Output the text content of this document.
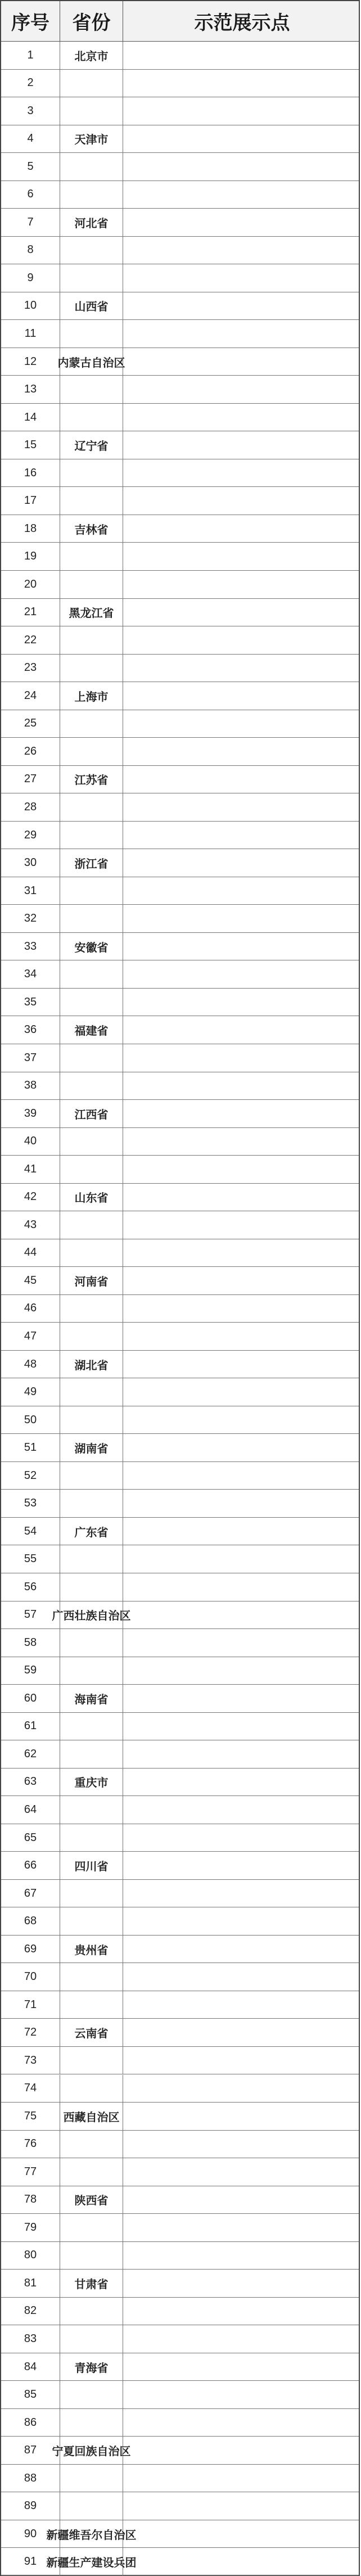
序号	省份	示范展示点
1	北京市
2
3
4	天津市
5
6
7	河北省
8
9
10	山西省
11
12	内蒙古自治区
13
14
15	辽宁省
16
17
18	吉林省
19
20
21	黑龙江省
22
23
24	上海市
25
26
27	江苏省
28
29
30	浙江省
31
32
33	安徽省
34
35
36	福建省
37
38
39	江西省
40
41
42	山东省
43
44
45	河南省
46
47
48	湖北省
49
50
51	湖南省
52
53
54	广东省
55
56
57	广西壮族自治区
58
59
60	海南省
61
62
63	重庆市
64
65
66	四川省
67
68
69	贵州省
70
71
72	云南省
73
74
75	西藏自治区
76
77
78	陕西省
79
80
81	甘肃省
82
83
84	青海省
85
86
87	宁夏回族自治区
88
89
90 新疆维吾尔自治区
91 新疆生产建设兵团
